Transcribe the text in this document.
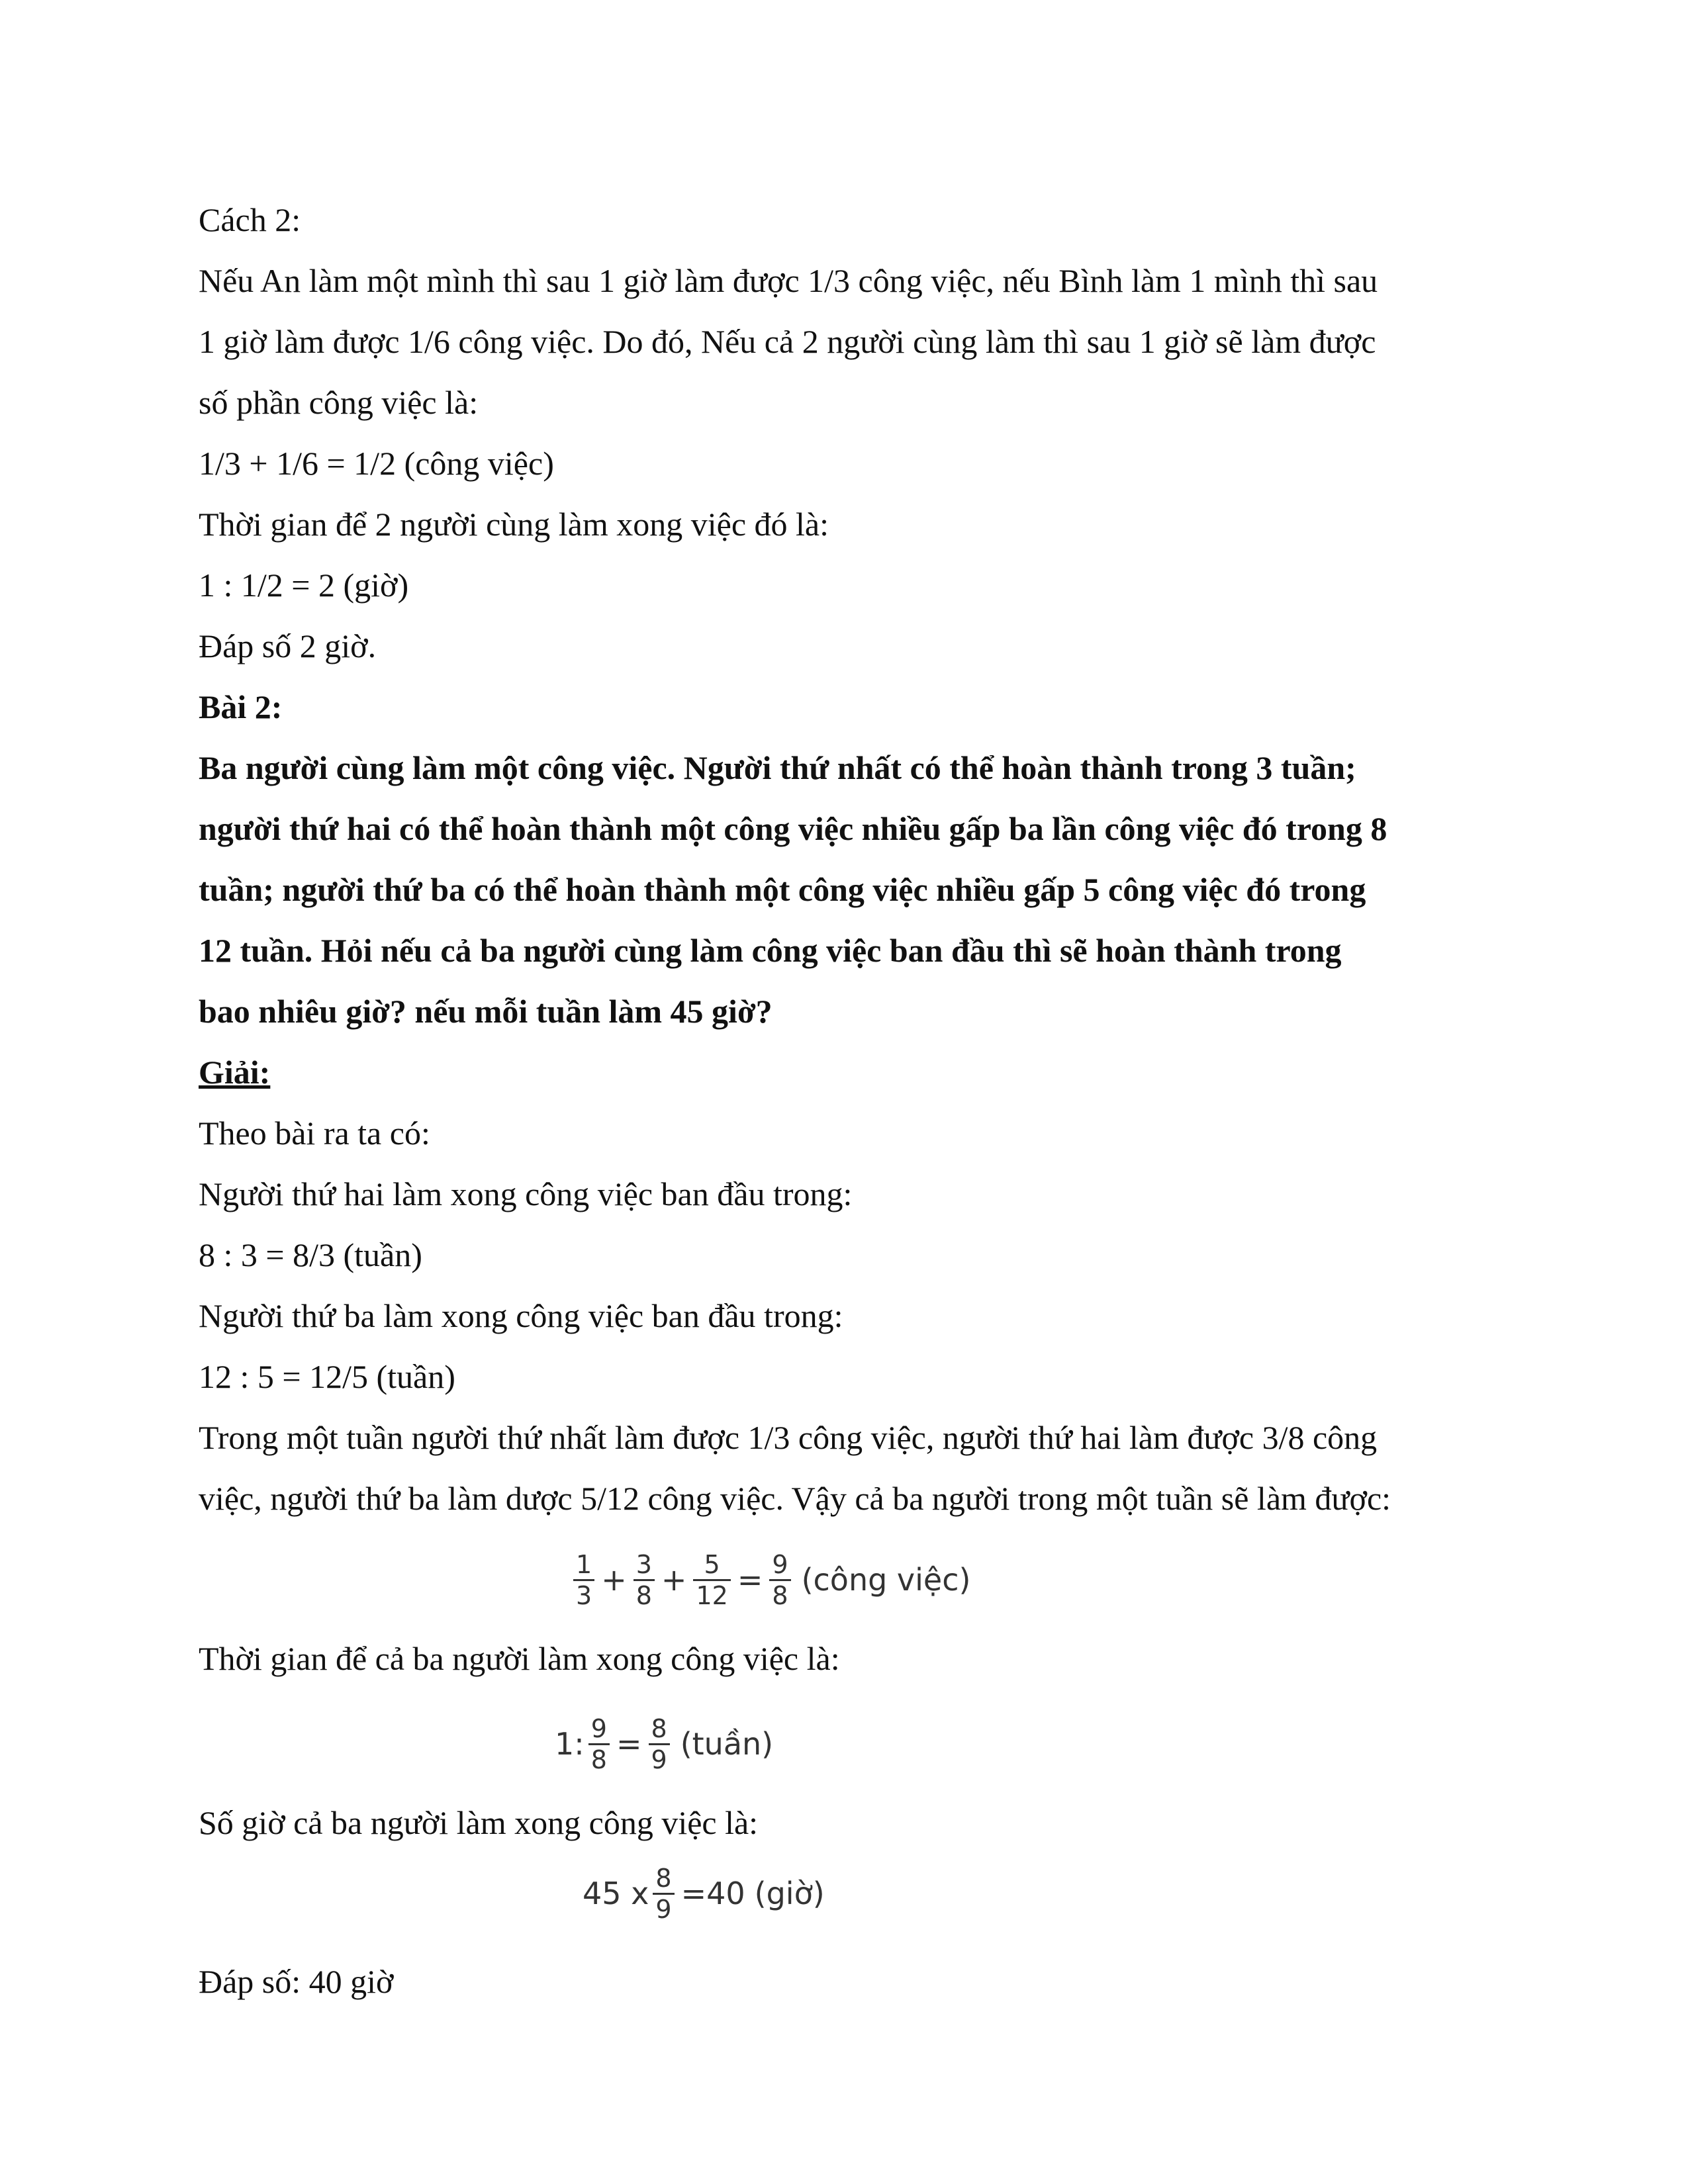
Cách 2:
Nếu An làm một mình thì sau 1 giờ làm được 1/3 công việc, nếu Bình làm 1 mình thì sau
1 giờ làm được 1/6 công việc. Do đó, Nếu cả 2 người cùng làm thì sau 1 giờ sẽ làm được
số phần công việc là:
1/3 + 1/6 = 1/2 (công việc)
Thời gian để 2 người cùng làm xong việc đó là:
1 : 1/2 = 2 (giờ)
Đáp số 2 giờ.
Bài 2:
Ba người cùng làm một công việc. Người thứ nhất có thể hoàn thành trong 3 tuần;
người thứ hai có thể hoàn thành một công việc nhiều gấp ba lần công việc đó trong 8
tuần; người thứ ba có thể hoàn thành một công việc nhiều gấp 5 công việc đó trong
12 tuần. Hỏi nếu cả ba người cùng làm công việc ban đầu thì sẽ hoàn thành trong
bao nhiêu giờ? nếu mỗi tuần làm 45 giờ?
Giải:
Theo bài ra ta có:
Người thứ hai làm xong công việc ban đầu trong:
8 : 3 = 8/3 (tuần)
Người thứ ba làm xong công việc ban đầu trong:
12 : 5 = 12/5 (tuần)
Trong một tuần người thứ nhất làm được 1/3 công việc, người thứ hai làm được 3/8 công
việc, người thứ ba làm dược 5/12 công việc. Vậy cả ba người trong một tuần sẽ làm được:
$\frac{1}{3} + \frac{3}{8} + \frac{5}{12} = \frac{9}{8}$ (công việc)
Thời gian để cả ba người làm xong công việc là:
1: $\frac{9}{8} = \frac{8}{9}$ (tuần)
Số giờ cả ba người làm xong công việc là:
45 x $\frac{8}{9} =40$ (giờ)
Đáp số: 40 giờ
